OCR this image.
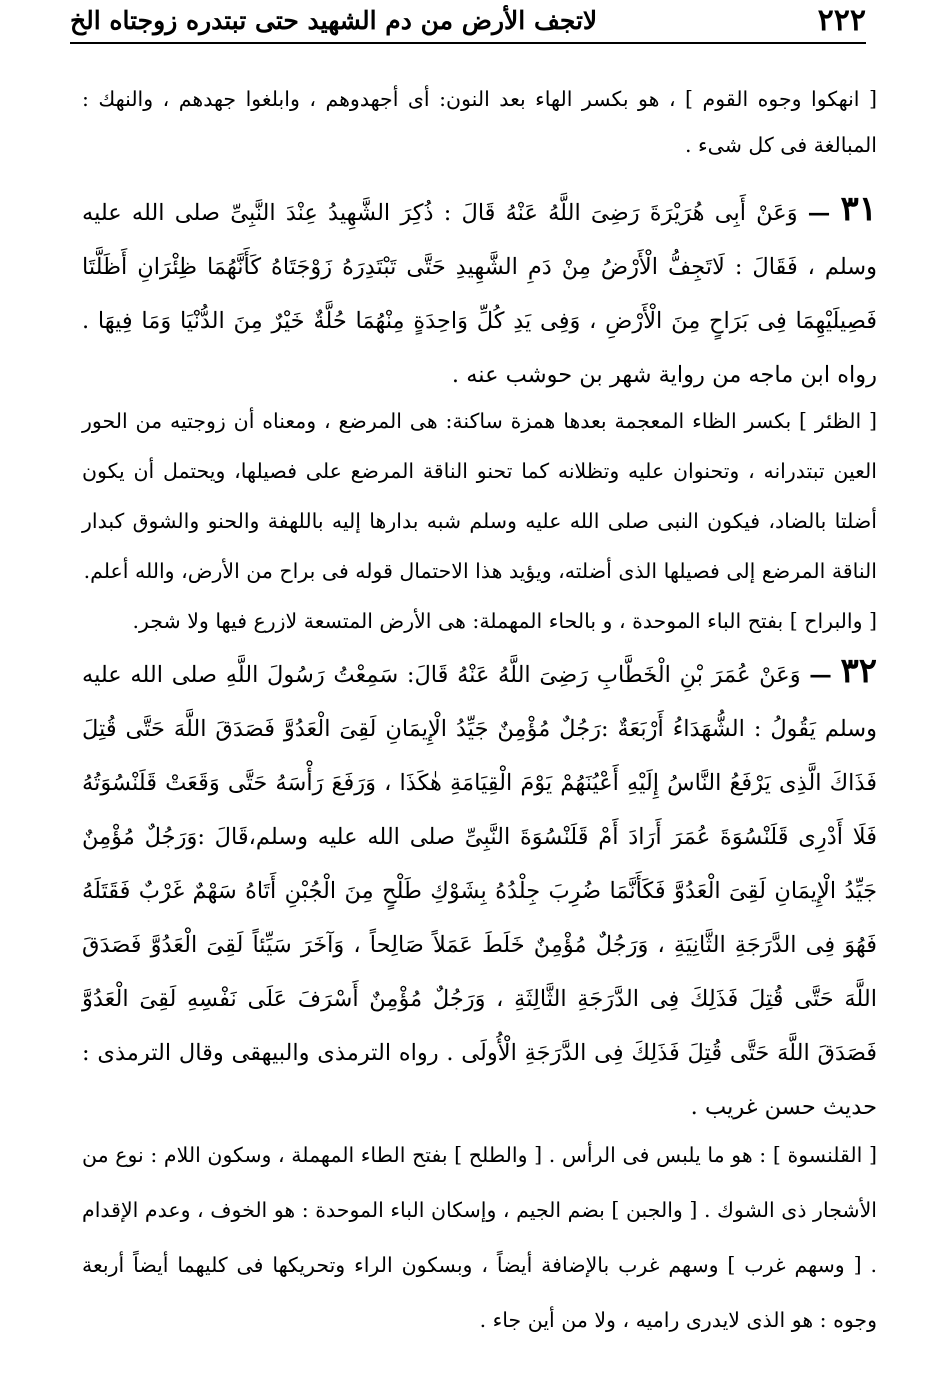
٢٢٢
لاتجف الأرض من دم الشهيد حتى تبتدره زوجتاه الخ

[ انهكوا وجوه القوم ] ، هو بكسر الهاء بعد النون: أى أجهدوهم ، وابلغوا جهدهم ، والنهك : المبالغة فى كل شىء .

٣١ — وَعَنْ أَبِى هُرَيْرَةَ رَضِىَ اللَّهُ عَنْهُ قَالَ : ذُكِرَ الشَّهِيدُ عِنْدَ النَّبِىِّ صلى الله عليه وسلم ، فَقَالَ : لَاتَجِفُّ الْأَرْضُ مِنْ دَمِ الشَّهِيدِ حَتَّى تَبْتَدِرَهُ زَوْجَتَاهُ كَأَنَّهُمَا ظِئْرَانِ أَظَلَّتَا فَصِيلَيْهِمَا فِى بَرَاحٍ مِنَ الْأَرْضِ ، وَفِى يَدِ كُلِّ وَاحِدَةٍ مِنْهُمَا حُلَّةٌ خَيْرٌ مِنَ الدُّنْيَا وَمَا فِيهَا . رواه ابن ماجه من رواية شهر بن حوشب عنه .

[ الظئر ] بكسر الظاء المعجمة بعدها همزة ساكنة: هى المرضع ، ومعناه أن زوجتيه من الحور العين تبتدرانه ، وتحنوان عليه وتظلانه كما تحنو الناقة المرضع على فصيلها، ويحتمل أن يكون أضلتا بالضاد، فيكون النبى صلى الله عليه وسلم شبه بدارها إليه باللهفة والحنو والشوق كبدار الناقة المرضع إلى فصيلها الذى أضلته، ويؤيد هذا الاحتمال قوله فى براح من الأرض، والله أعلم.

[ والبراح ] بفتح الباء الموحدة ، و بالحاء المهملة: هى الأرض المتسعة لازرع فيها ولا شجر.

٣٢ — وَعَنْ عُمَرَ بْنِ الْخَطَّابِ رَضِىَ اللَّهُ عَنْهُ قَالَ: سَمِعْتُ رَسُولَ اللَّهِ صلى الله عليه وسلم يَقُولُ : الشُّهَدَاءُ أَرْبَعَةٌ :رَجُلٌ مُؤْمِنٌ جَيِّدُ الْإِيمَانِ لَقِىَ الْعَدُوَّ فَصَدَقَ اللَّهَ حَتَّى قُتِلَ فَذَاكَ الَّذِى يَرْفَعُ النَّاسُ إِلَيْهِ أَعْيُنَهُمْ يَوْمَ الْقِيَامَةِ هٰكَذَا ، وَرَفَعَ رَأْسَهُ حَتَّى وَقَعَتْ قَلَنْسُوَتُهُ فَلَا أَدْرِى قَلَنْسُوَةَ عُمَرَ أَرَادَ أَمْ قَلَنْسُوَةَ النَّبِىِّ صلى الله عليه وسلم،قَالَ :وَرَجُلٌ مُؤْمِنٌ جَيِّدُ الْإِيمَانِ لَقِىَ الْعَدُوَّ فَكَأَنَّمَا ضُرِبَ جِلْدُهُ بِشَوْكِ طَلْحٍ مِنَ الْجُبْنِ أَتَاهُ سَهْمٌ غَرْبٌ فَقَتَلَهُ فَهُوَ فِى الدَّرَجَةِ الثَّانِيَةِ ، وَرَجُلٌ مُؤْمِنٌ خَلَطَ عَمَلاً صَالِحاً ، وَآخَرَ سَيِّئاً لَقِىَ الْعَدُوَّ فَصَدَقَ اللَّهَ حَتَّى قُتِلَ فَذَلِكَ فِى الدَّرَجَةِ الثَّالِثَةِ ، وَرَجُلٌ مُؤْمِنٌ أَسْرَفَ عَلَى نَفْسِهِ لَقِىَ الْعَدُوَّ فَصَدَقَ اللَّهَ حَتَّى قُتِلَ فَذَلِكَ فِى الدَّرَجَةِ الْأُولَى . رواه الترمذى والبيهقى وقال الترمذى : حديث حسن غريب .

[ القلنسوة ] : هو ما يلبس فى الرأس . [ والطلح ] بفتح الطاء المهملة ، وسكون اللام : نوع من الأشجار ذى الشوك . [ والجبن ] بضم الجيم ، وإسكان الباء الموحدة : هو الخوف ، وعدم الإقدام . [ وسهم غرب ] وسهم غرب بالإضافة أيضاً ، وبسكون الراء وتحريكها فى كليهما أيضاً أربعة وجوه : هو الذى لايدرى راميه ، ولا من أين جاء .
